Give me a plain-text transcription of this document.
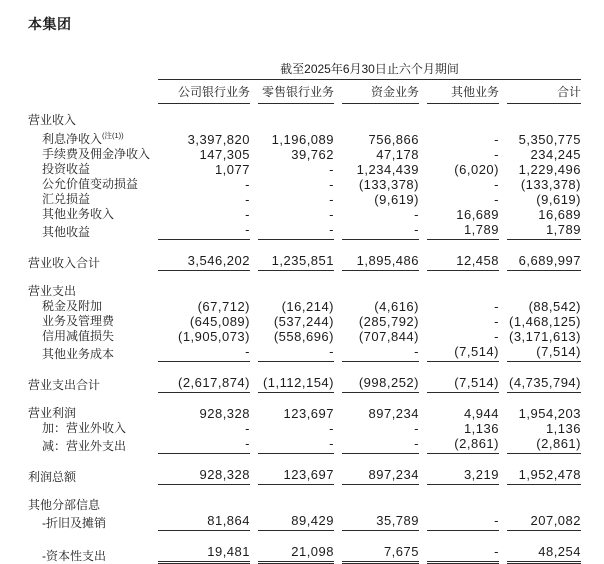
本集团
截至2025年6月30日止六个月期间
公司银行业务 零售银行业务	资金业务	其他业务	合计
营业收入
利息净收入$^{(注(1))}$	3,397,820	1,196,089	756,866	-	5,350,775
手续费及佣金净收入	147,305	39,762	47,178	-	234,245
投资收益	1,077	-	1,234,439	(6,020)	1,229,496
公允价值变动损益	-	-	(133,378)	-	(133,378)
汇兑损益	-	-	(9,619)	-	(9,619)
其他业务收入	-	-	-	16,689	16,689
其他收益	-	-	-	1,789	1,789
营业收入合计	3,546,202	1,235,851	1,895,486	12,458	6,689,997
营业支出
税金及附加	(67,712)	(16,214)	(4,616)	-	(88,542)
业务及管理费	(645,089)	(537,244)	(285,792)	- (1,468,125)
信用减值损失	(1,905,073)	(558,696)	(707,844)	- (3,171,613)
其他业务成本	-	-	-	(7,514)	(7,514)
营业支出合计	(2,617,874) (1,112,154)	(998,252)	(7,514) (4,735,794)
营业利润	928,328	123,697	897,234	4,944	1,954,203
加：营业外收入	-	-	-	1,136	1,136
减：营业外支出	-	-	-	(2,861)	(2,861)
利润总额	928,328	123,697	897,234	3,219	1,952,478
其他分部信息
-折旧及摊销	81,864	89,429	35,789	-	207,082
-资本性支出	19,481	21,098	7,675	-	48,254
